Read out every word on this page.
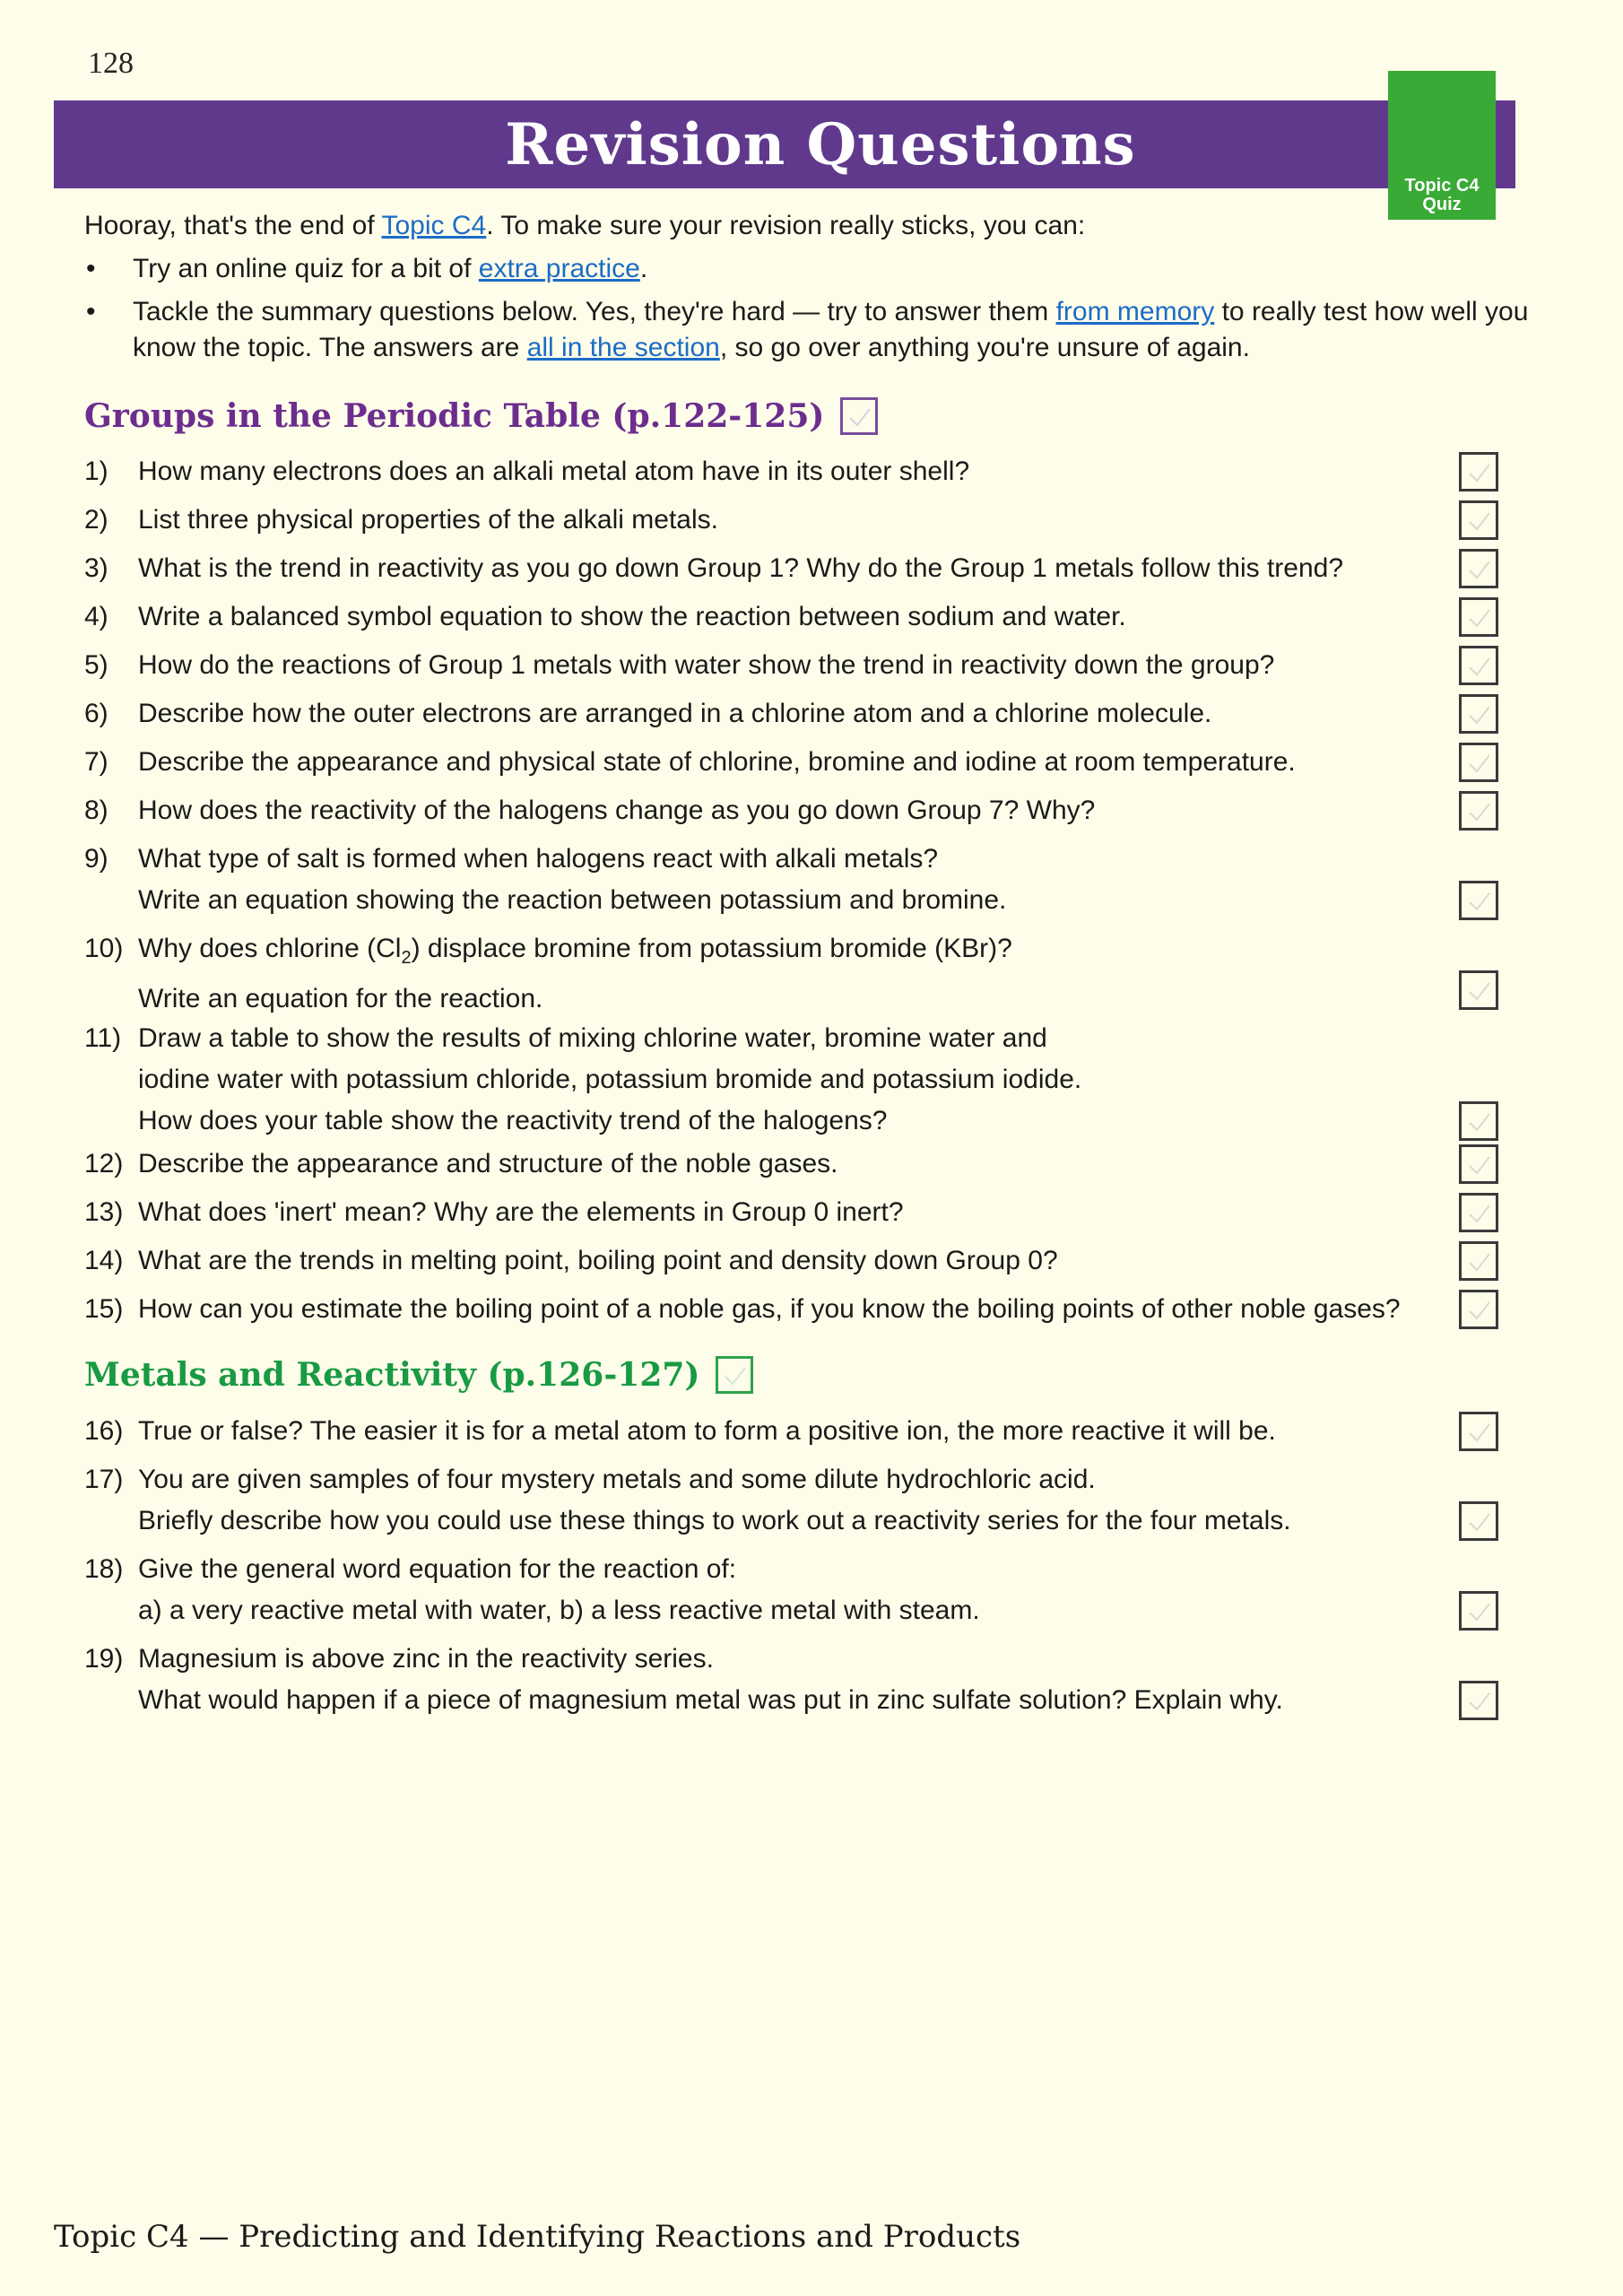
128
Revision Questions
Topic C4
Quiz

Hooray, that's the end of Topic C4. To make sure your revision really sticks, you can:

• Try an online quiz for a bit of extra practice.
• Tackle the summary questions below. Yes, they're hard — try to answer them from memory to really test how well you know the topic. The answers are all in the section, so go over anything you're unsure of again.
Groups in the Periodic Table (p.122-125)
1)	How many electrons does an alkali metal atom have in its outer shell?
2)	List three physical properties of the alkali metals.
3)	What is the trend in reactivity as you go down Group 1? Why do the Group 1 metals follow this trend?
4)	Write a balanced symbol equation to show the reaction between sodium and water.
5)	How do the reactions of Group 1 metals with water show the trend in reactivity down the group?
6)	Describe how the outer electrons are arranged in a chlorine atom and a chlorine molecule.
7)	Describe the appearance and physical state of chlorine, bromine and iodine at room temperature.
8)	How does the reactivity of the halogens change as you go down Group 7? Why?
9)	What type of salt is formed when halogens react with alkali metals?
Write an equation showing the reaction between potassium and bromine.
10) Why does chlorine $(Cl_2)$ displace bromine from potassium bromide (KBr)?
Write an equation for the reaction.
11) Draw a table to show the results of mixing chlorine water, bromine water and
iodine water with potassium chloride, potassium bromide and potassium iodide.
How does your table show the reactivity trend of the halogens?
12) Describe the appearance and structure of the noble gases.
13) What does 'inert' mean? Why are the elements in Group 0 inert?
14) What are the trends in melting point, boiling point and density down Group 0?
15) How can you estimate the boiling point of a noble gas, if you know the boiling points of other noble gases?
16) True or false? The easier it is for a metal atom to form a positive ion, the more reactive it will be.
17) You are given samples of four mystery metals and some dilute hydrochloric acid.
Briefly describe how you could use these things to work out a reactivity series for the four metals.
18) Give the general word equation for the reaction of:
a) a very reactive metal with water, b) a less reactive metal with steam.
19) Magnesium is above zinc in the reactivity series.
What would happen if a piece of magnesium metal was put in zinc sulfate solution? Explain why.
Metals and Reactivity (p.126-127)
Topic C4 — Predicting and Identifying Reactions and Products
